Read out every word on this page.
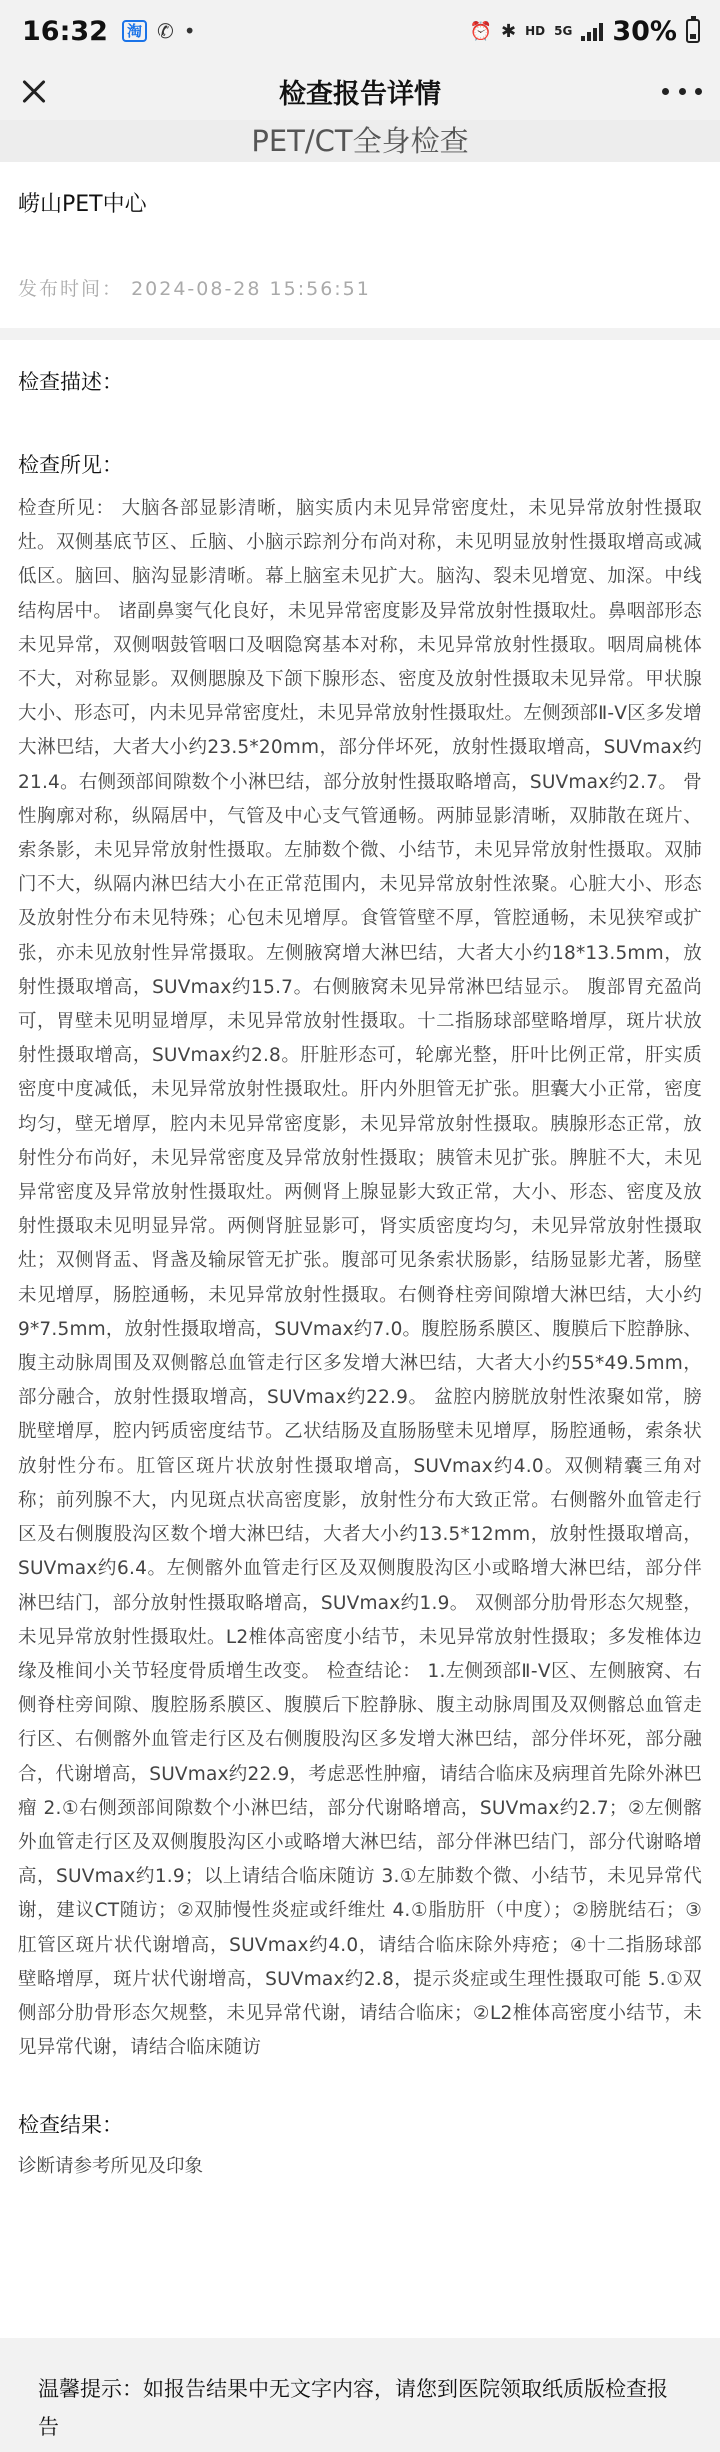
16:32	淘 ✆ •	⏰ ✱ HD 5G 30%
检查报告详情
PET/CT全身检查
崂山PET中心
发布时间： 2024-08-28 15:56:51
检查描述：
检查所见：
检查所见： 大脑各部显影清晰，脑实质内未见异常密度灶，未见异常放射性摄取灶。双侧基底节区、丘脑、小脑示踪剂分布尚对称，未见明显放射性摄取增高或减低区。脑回、脑沟显影清晰。幕上脑室未见扩大。脑沟、裂未见增宽、加深。中线结构居中。 诸副鼻窦气化良好，未见异常密度影及异常放射性摄取灶。鼻咽部形态未见异常，双侧咽鼓管咽口及咽隐窝基本对称，未见异常放射性摄取。咽周扁桃体不大，对称显影。双侧腮腺及下颌下腺形态、密度及放射性摄取未见异常。甲状腺大小、形态可，内未见异常密度灶，未见异常放射性摄取灶。左侧颈部Ⅱ-Ⅴ区多发增大淋巴结，大者大小约23.5*20mm，部分伴坏死，放射性摄取增高，SUVmax约21.4。右侧颈部间隙数个小淋巴结，部分放射性摄取略增高，SUVmax约2.7。 骨性胸廓对称，纵隔居中，气管及中心支气管通畅。两肺显影清晰，双肺散在斑片、索条影，未见异常放射性摄取。左肺数个微、小结节，未见异常放射性摄取。双肺门不大，纵隔内淋巴结大小在正常范围内，未见异常放射性浓聚。心脏大小、形态及放射性分布未见特殊；心包未见增厚。食管管壁不厚，管腔通畅，未见狭窄或扩张，亦未见放射性异常摄取。左侧腋窝增大淋巴结，大者大小约18*13.5mm，放射性摄取增高，SUVmax约15.7。右侧腋窝未见异常淋巴结显示。 腹部胃充盈尚可，胃壁未见明显增厚，未见异常放射性摄取。十二指肠球部壁略增厚，斑片状放射性摄取增高，SUVmax约2.8。肝脏形态可，轮廓光整，肝叶比例正常，肝实质密度中度减低，未见异常放射性摄取灶。肝内外胆管无扩张。胆囊大小正常，密度均匀，壁无增厚，腔内未见异常密度影，未见异常放射性摄取。胰腺形态正常，放射性分布尚好，未见异常密度及异常放射性摄取；胰管未见扩张。脾脏不大，未见异常密度及异常放射性摄取灶。两侧肾上腺显影大致正常，大小、形态、密度及放射性摄取未见明显异常。两侧肾脏显影可，肾实质密度均匀，未见异常放射性摄取灶；双侧肾盂、肾盏及输尿管无扩张。腹部可见条索状肠影，结肠显影尤著，肠壁未见增厚，肠腔通畅，未见异常放射性摄取。右侧脊柱旁间隙增大淋巴结，大小约9*7.5mm，放射性摄取增高，SUVmax约7.0。腹腔肠系膜区、腹膜后下腔静脉、腹主动脉周围及双侧髂总血管走行区多发增大淋巴结，大者大小约55*49.5mm，部分融合，放射性摄取增高，SUVmax约22.9。 盆腔内膀胱放射性浓聚如常，膀胱壁增厚，腔内钙质密度结节。乙状结肠及直肠肠壁未见增厚，肠腔通畅，索条状放射性分布。肛管区斑片状放射性摄取增高，SUVmax约4.0。双侧精囊三角对称；前列腺不大，内见斑点状高密度影，放射性分布大致正常。右侧髂外血管走行区及右侧腹股沟区数个增大淋巴结，大者大小约13.5*12mm，放射性摄取增高，SUVmax约6.4。左侧髂外血管走行区及双侧腹股沟区小或略增大淋巴结，部分伴淋巴结门，部分放射性摄取略增高，SUVmax约1.9。 双侧部分肋骨形态欠规整，未见异常放射性摄取灶。L2椎体高密度小结节，未见异常放射性摄取；多发椎体边缘及椎间小关节轻度骨质增生改变。 检查结论： 1.左侧颈部Ⅱ-Ⅴ区、左侧腋窝、右侧脊柱旁间隙、腹腔肠系膜区、腹膜后下腔静脉、腹主动脉周围及双侧髂总血管走行区、右侧髂外血管走行区及右侧腹股沟区多发增大淋巴结，部分伴坏死，部分融合，代谢增高，SUVmax约22.9，考虑恶性肿瘤，请结合临床及病理首先除外淋巴瘤 2.①右侧颈部间隙数个小淋巴结，部分代谢略增高，SUVmax约2.7；②左侧髂外血管走行区及双侧腹股沟区小或略增大淋巴结，部分伴淋巴结门，部分代谢略增高，SUVmax约1.9；以上请结合临床随访 3.①左肺数个微、小结节，未见异常代谢，建议CT随访；②双肺慢性炎症或纤维灶 4.①脂肪肝（中度）；②膀胱结石；③肛管区斑片状代谢增高，SUVmax约4.0，请结合临床除外痔疮；④十二指肠球部壁略增厚，斑片状代谢增高，SUVmax约2.8，提示炎症或生理性摄取可能 5.①双侧部分肋骨形态欠规整，未见异常代谢，请结合临床；②L2椎体高密度小结节，未见异常代谢，请结合临床随访
检查结果：
诊断请参考所见及印象
温馨提示：如报告结果中无文字内容，请您到医院领取纸质版检查报告
